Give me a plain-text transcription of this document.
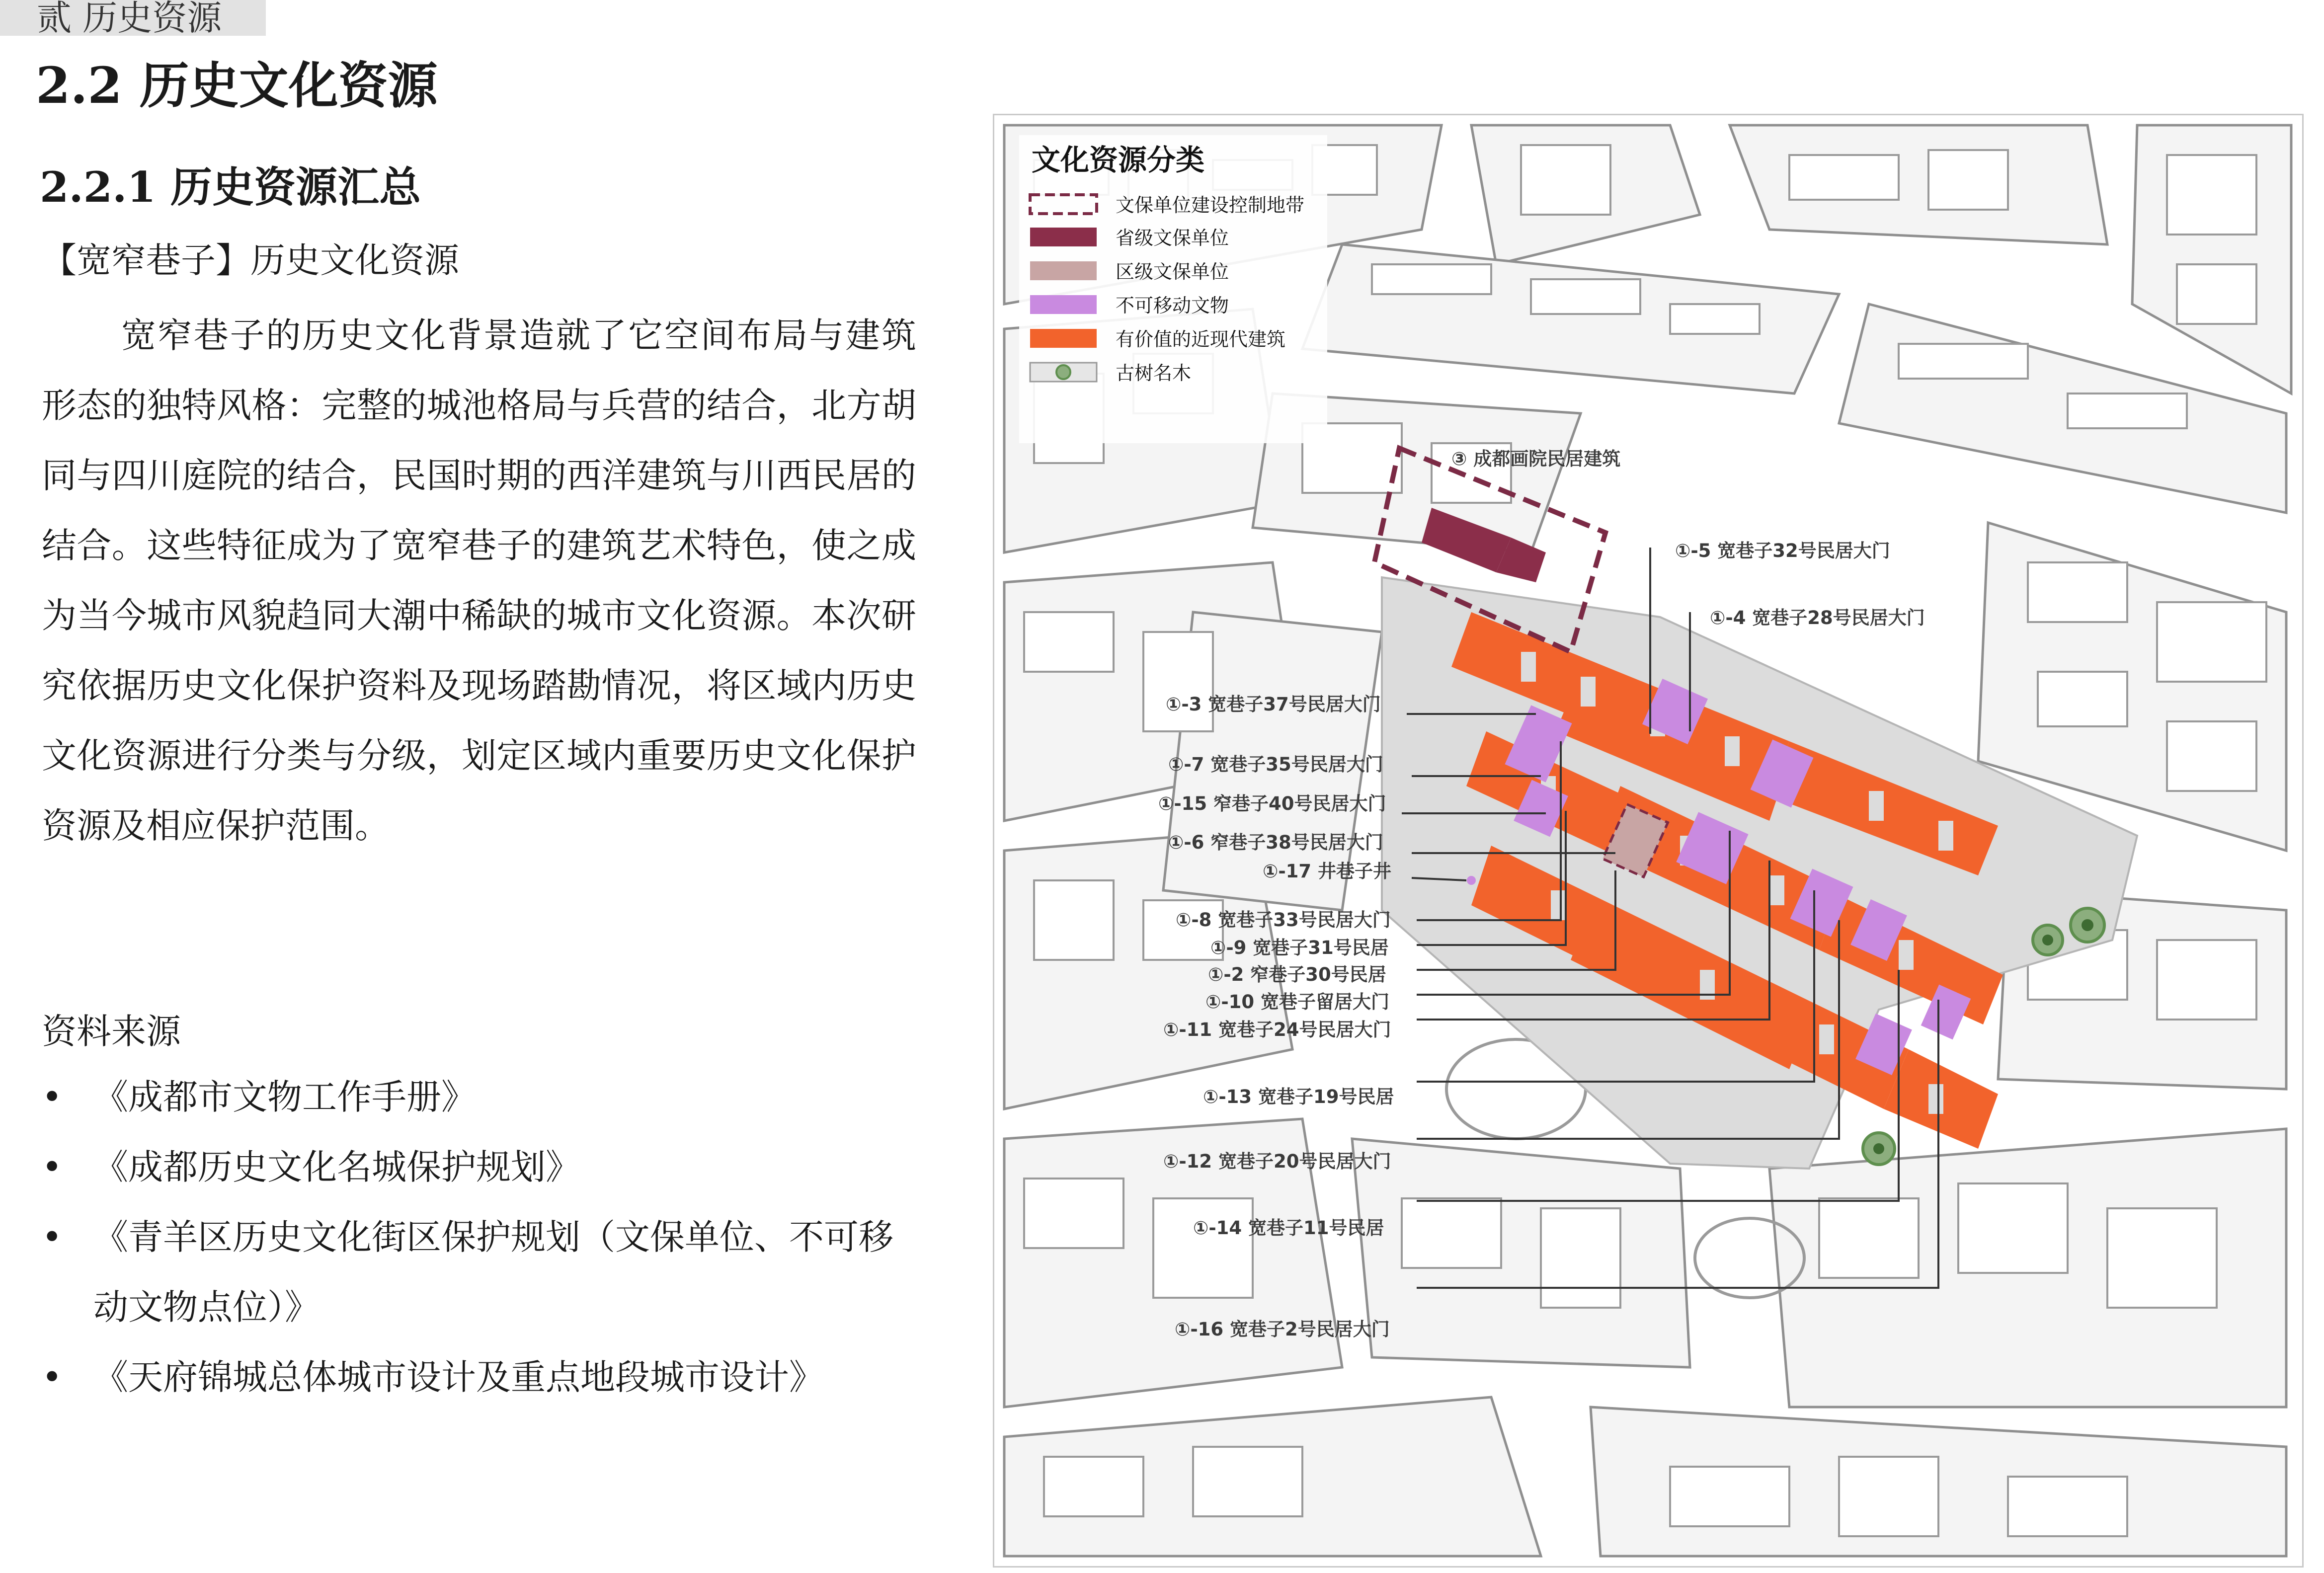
贰 历史资源
2.2 历史文化资源
2.2.1 历史资源汇总
【宽窄巷子】历史文化资源

宽窄巷子的历史文化背景造就了它空间布局与建筑形态的独特风格：完整的城池格局与兵营的结合，北方胡同与四川庭院的结合，民国时期的西洋建筑与川西民居的结合。这些特征成为了宽窄巷子的建筑艺术特色，使之成为当今城市风貌趋同大潮中稀缺的城市文化资源。本次研究依据历史文化保护资料及现场踏勘情况，将区域内历史文化资源进行分类与分级，划定区域内重要历史文化保护资源及相应保护范围。

资料来源
• 《成都市文物工作手册》
• 《成都历史文化名城保护规划》
• 《青羊区历史文化街区保护规划（文保单位、不可移动文物点位）》
• 《天府锦城总体城市设计及重点地段城市设计》
文化资源分类
文保单位建设控制地带
省级文保单位
区级文保单位
不可移动文物
有价值的近现代建筑
古树名木
③ 成都画院民居建筑
①-5 宽巷子32号民居大门
①-4 宽巷子28号民居大门
①-3 宽巷子37号民居大门
①-7 宽巷子35号民居大门
①-15 窄巷子40号民居大门
①-6 窄巷子38号民居大门
①-17 井巷子井
①-8 宽巷子33号民居大门
①-9 宽巷子31号民居
①-2 窄巷子30号民居
①-10 宽巷子留居大门
①-11 宽巷子24号民居大门
①-13 宽巷子19号民居
①-12 宽巷子20号民居大门
①-14 宽巷子11号民居
①-16 宽巷子2号民居大门
